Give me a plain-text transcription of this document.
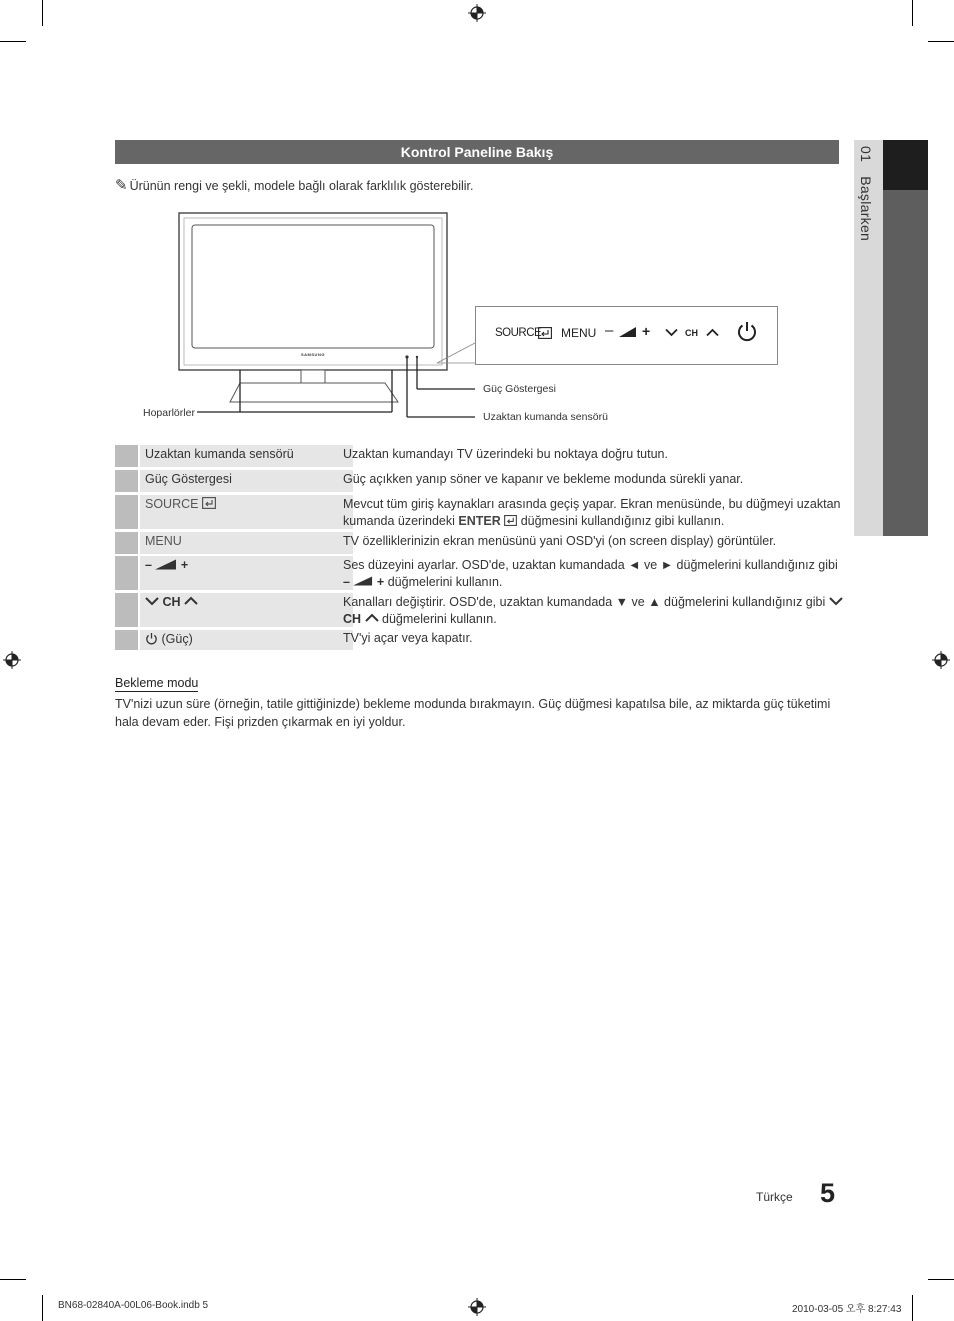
Kontrol Paneline Bakış
✎ Ürünün rengi ve şekli, modele bağlı olarak farklılık gösterebilir.
01Başlarken
SAMSUNG
SOURCE MENU – +	CH
Güç Göstergesi
Uzaktan kumanda sensörü
Hoparlörler
Uzaktan kumanda sensörü	Uzaktan kumandayı TV üzerindeki bu noktaya doğru tutun.
Güç Göstergesi	Güç açıkken yanıp söner ve kapanır ve bekleme modunda sürekli yanar.
SOURCE	Mevcut tüm giriş kaynakları arasında geçiş yapar. Ekran menüsünde, bu düğmeyi uzaktan kumanda üzerindeki ENTER düğmesini kullandığınız gibi kullanın.
MENU	TV özelliklerinizin ekran menüsünü yani OSD'yi (on screen display) görüntüler.
– +	Ses düzeyini ayarlar. OSD'de, uzaktan kumandada ◄ ve ► düğmelerini kullandığınız gibi – + düğmelerini kullanın.
CH	Kanalları değiştirir. OSD'de, uzaktan kumandada ▼ ve ▲ düğmelerini kullandığınız gibi  CH düğmelerini kullanın.
(Güç)	TV'yi açar veya kapatır.
Bekleme modu
TV'nizi uzun süre (örneğin, tatile gittiğinizde) bekleme modunda bırakmayın. Güç düğmesi kapatılsa bile, az miktarda güç tüketimi hala devam eder. Fişi prizden çıkarmak en iyi yoldur.
Türkçe 5
BN68-02840A-00L06-Book.indb 5	2010-03-05 오후 8:27:43
